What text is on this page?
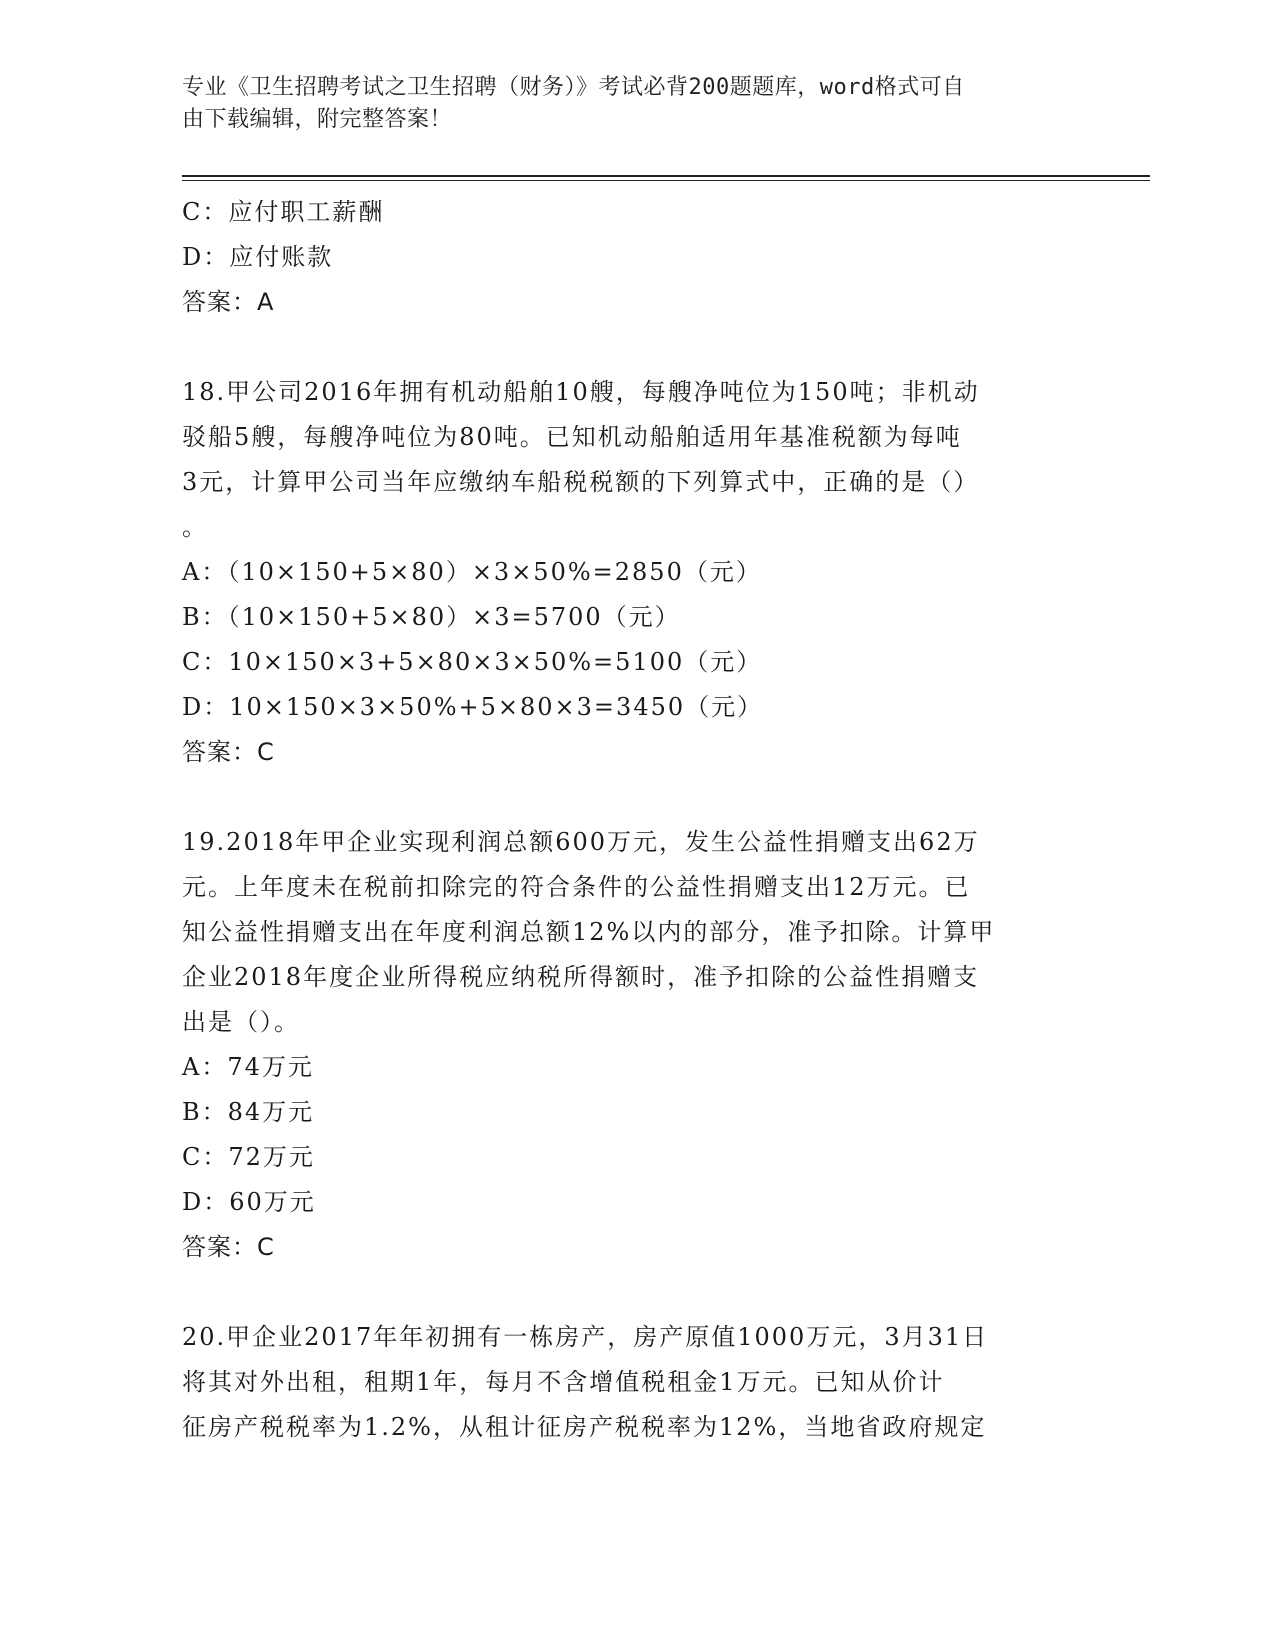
专业《卫生招聘考试之卫生招聘（财务）》考试必背200题题库，word格式可自
由下载编辑，附完整答案！
C：应付职工薪酬
D：应付账款
答案：A
18.甲公司2016年拥有机动船舶10艘，每艘净吨位为150吨；非机动
驳船5艘，每艘净吨位为80吨。已知机动船舶适用年基准税额为每吨
3元，计算甲公司当年应缴纳车船税税额的下列算式中，正确的是（）
。
A：（10×150+5×80）×3×50%=2850（元）
B：（10×150+5×80）×3=5700（元）
C：10×150×3+5×80×3×50%=5100（元）
D：10×150×3×50%+5×80×3=3450（元）
答案：C
19.2018年甲企业实现利润总额600万元，发生公益性捐赠支出62万
元。上年度未在税前扣除完的符合条件的公益性捐赠支出12万元。已
知公益性捐赠支出在年度利润总额12%以内的部分，准予扣除。计算甲
企业2018年度企业所得税应纳税所得额时，准予扣除的公益性捐赠支
出是（）。
A：74万元
B：84万元
C：72万元
D：60万元
答案：C
20.甲企业2017年年初拥有一栋房产，房产原值1000万元，3月31日
将其对外出租，租期1年，每月不含增值税租金1万元。已知从价计
征房产税税率为1.2%，从租计征房产税税率为12%，当地省政府规定
